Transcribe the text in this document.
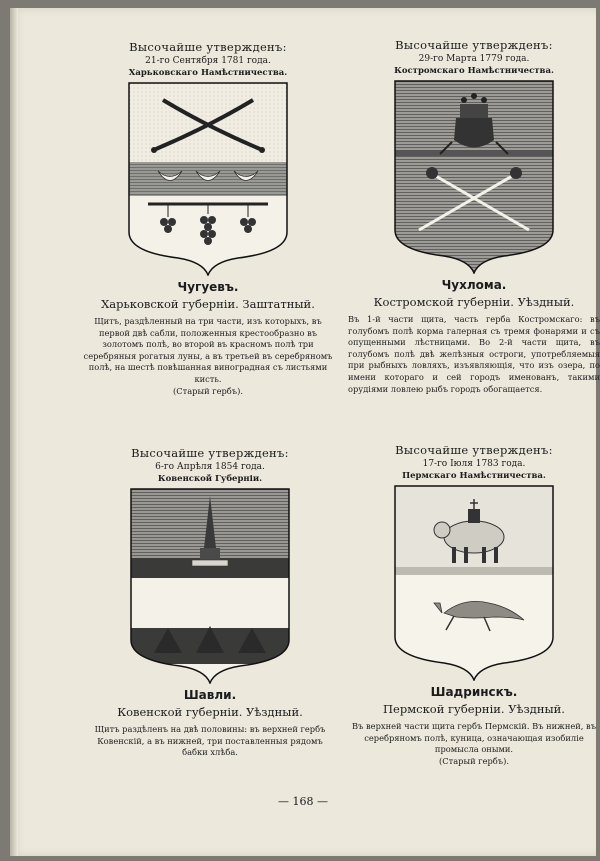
Высочайше утвержденъ:

21-го Сентября 1781 года.

Харьковскаго Намѣстничества.

Чугуевъ.

Харьковской губерніи. Заштатный.

Щитъ, раздѣленный на три части, изъ которыхъ, въ первой двѣ сабли, положенныя крестообразно въ золотомъ полѣ, во второй въ красномъ полѣ три серебряныя рогатыя луны, а въ третьей въ серебряномъ полѣ, на шестѣ повѣшанная виноградная съ листьями кисть.

(Старый гербъ).

Высочайше утвержденъ:

29-го Марта 1779 года.

Костромскаго Намѣстничества.

Чухлома.

Костромской губерніи. Уѣздный.

Въ 1-й части щита, часть герба Костромскаго: въ голубомъ полѣ корма галерная съ тремя фонарями и съ опущенными лѣстницами. Во 2-й части щита, въ голубомъ полѣ двѣ желѣзныя остроги, употребляемыя при рыбныхъ ловляхъ, изъявляющія, что изъ озера, по имени котораго и сей городъ именованъ, такими орудіями ловлею рыбъ городъ обогащается.

Высочайше утвержденъ:

6-го Апрѣля 1854 года.

Ковенской Губерніи.

Шавли.

Ковенской губерніи. Уѣздный.

Щитъ раздѣленъ на двѣ половины: въ верхней гербъ Ковенскій, а въ нижней, три поставленныя рядомъ бабки хлѣба.

Высочайше утвержденъ:

17-го Іюля 1783 года.

Пермскаго Намѣстничества.

Шадринскъ.

Пермской губерніи. Уѣздный.

Въ верхней части щита гербъ Пермскій. Въ нижней, въ серебряномъ полѣ, куница, означающая изобиліе промысла оными.

(Старый гербъ).

— 168 —
